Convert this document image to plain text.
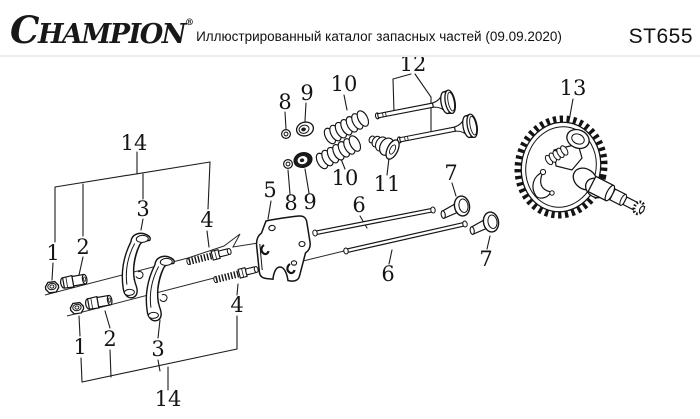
CHAMPION®
Иллюстрированный каталог запасных частей (09.09.2020)	ST655
1 2
3 4
14
1 2 3
4
14
5
6
6
7
7
8
8
9
9
10
10 11
12
13
